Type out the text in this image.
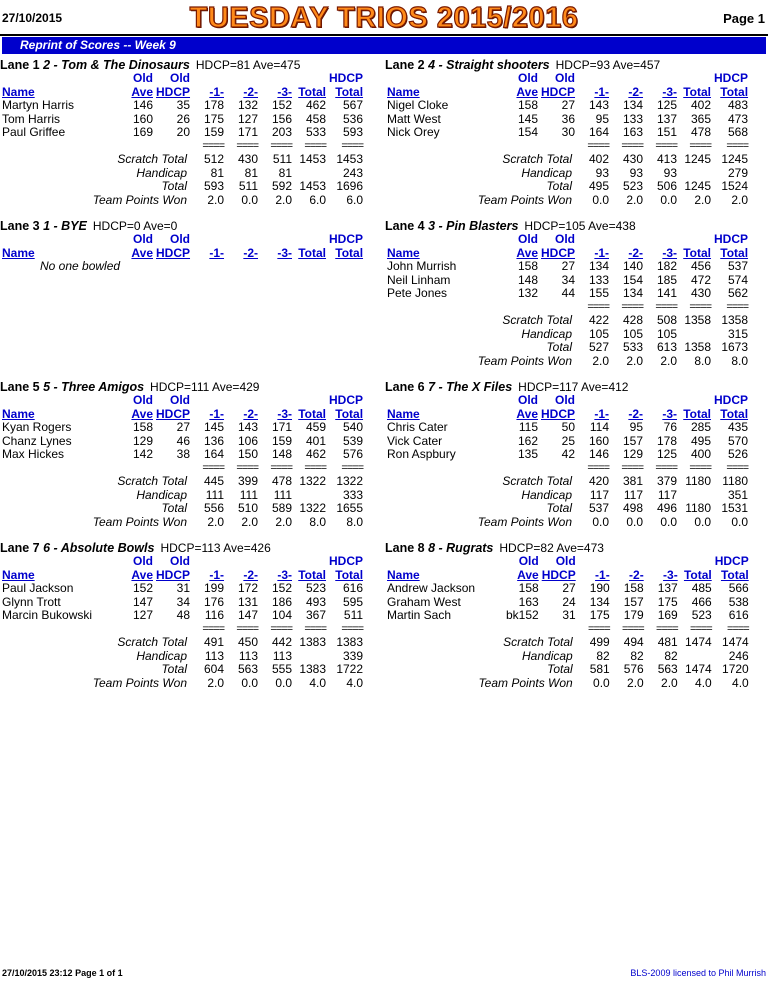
27/10/2015	TUESDAY TRIOS 2015/2016	Page 1
Reprint of Scores -- Week 9
Lane 1 2 - Tom & The Dinosaurs HDCP=81 Ave=475
	Old	Old					HDCP
Name	Ave	HDCP	-1-	-2-	-3-	Total	Total
Martyn Harris	146	35	178	132	152	462	567
Tom Harris	160	26	175	127	156	458	536
Paul Griffee	169	20	159	171	203	533	593
			====	====	====	====	====
Scratch Total			512	430	511	1453	1453
Handicap			81	81	81		243
Total			593	511	592	1453	1696
Team Points Won			2.0	0.0	2.0	6.0	6.0
Lane 2 4 - Straight shooters HDCP=93 Ave=457
	Old	Old					HDCP
Name	Ave	HDCP	-1-	-2-	-3-	Total	Total
Nigel Cloke	158	27	143	134	125	402	483
Matt West	145	36	95	133	137	365	473
Nick Orey	154	30	164	163	151	478	568
			====	====	====	====	====
Scratch Total			402	430	413	1245	1245
Handicap			93	93	93		279
Total			495	523	506	1245	1524
Team Points Won			0.0	2.0	0.0	2.0	2.0
Lane 3 1 - BYE HDCP=0 Ave=0
	Old	Old					HDCP
Name	Ave	HDCP	-1-	-2-	-3-	Total	Total
No one bowled							
Lane 4 3 - Pin Blasters HDCP=105 Ave=438
	Old	Old					HDCP
Name	Ave	HDCP	-1-	-2-	-3-	Total	Total
John Murrish	158	27	134	140	182	456	537
Neil Linham	148	34	133	154	185	472	574
Pete Jones	132	44	155	134	141	430	562
			====	====	====	====	====
Scratch Total			422	428	508	1358	1358
Handicap			105	105	105		315
Total			527	533	613	1358	1673
Team Points Won			2.0	2.0	2.0	8.0	8.0
Lane 5 5 - Three Amigos HDCP=111 Ave=429
	Old	Old					HDCP
Name	Ave	HDCP	-1-	-2-	-3-	Total	Total
Kyan Rogers	158	27	145	143	171	459	540
Chanz Lynes	129	46	136	106	159	401	539
Max Hickes	142	38	164	150	148	462	576
			====	====	====	====	====
Scratch Total			445	399	478	1322	1322
Handicap			111	111	111		333
Total			556	510	589	1322	1655
Team Points Won			2.0	2.0	2.0	8.0	8.0
Lane 6 7 - The X Files HDCP=117 Ave=412
	Old	Old					HDCP
Name	Ave	HDCP	-1-	-2-	-3-	Total	Total
Chris Cater	115	50	114	95	76	285	435
Vick Cater	162	25	160	157	178	495	570
Ron Aspbury	135	42	146	129	125	400	526
			====	====	====	====	====
Scratch Total			420	381	379	1180	1180
Handicap			117	117	117		351
Total			537	498	496	1180	1531
Team Points Won			0.0	0.0	0.0	0.0	0.0
Lane 7 6 - Absolute Bowls HDCP=113 Ave=426
	Old	Old					HDCP
Name	Ave	HDCP	-1-	-2-	-3-	Total	Total
Paul Jackson	152	31	199	172	152	523	616
Glynn Trott	147	34	176	131	186	493	595
Marcin Bukowski	127	48	116	147	104	367	511
			====	====	====	====	====
Scratch Total			491	450	442	1383	1383
Handicap			113	113	113		339
Total			604	563	555	1383	1722
Team Points Won			2.0	0.0	0.0	4.0	4.0
Lane 8 8 - Rugrats HDCP=82 Ave=473
	Old	Old					HDCP
Name	Ave	HDCP	-1-	-2-	-3-	Total	Total
Andrew Jackson	158	27	190	158	137	485	566
Graham West	163	24	134	157	175	466	538
Martin Sach	bk152	31	175	179	169	523	616
			====	====	====	====	====
Scratch Total			499	494	481	1474	1474
Handicap			82	82	82		246
Total			581	576	563	1474	1720
Team Points Won			0.0	2.0	2.0	4.0	4.0
27/10/2015 23:12 Page 1 of 1	BLS-2009 licensed to Phil Murrish
